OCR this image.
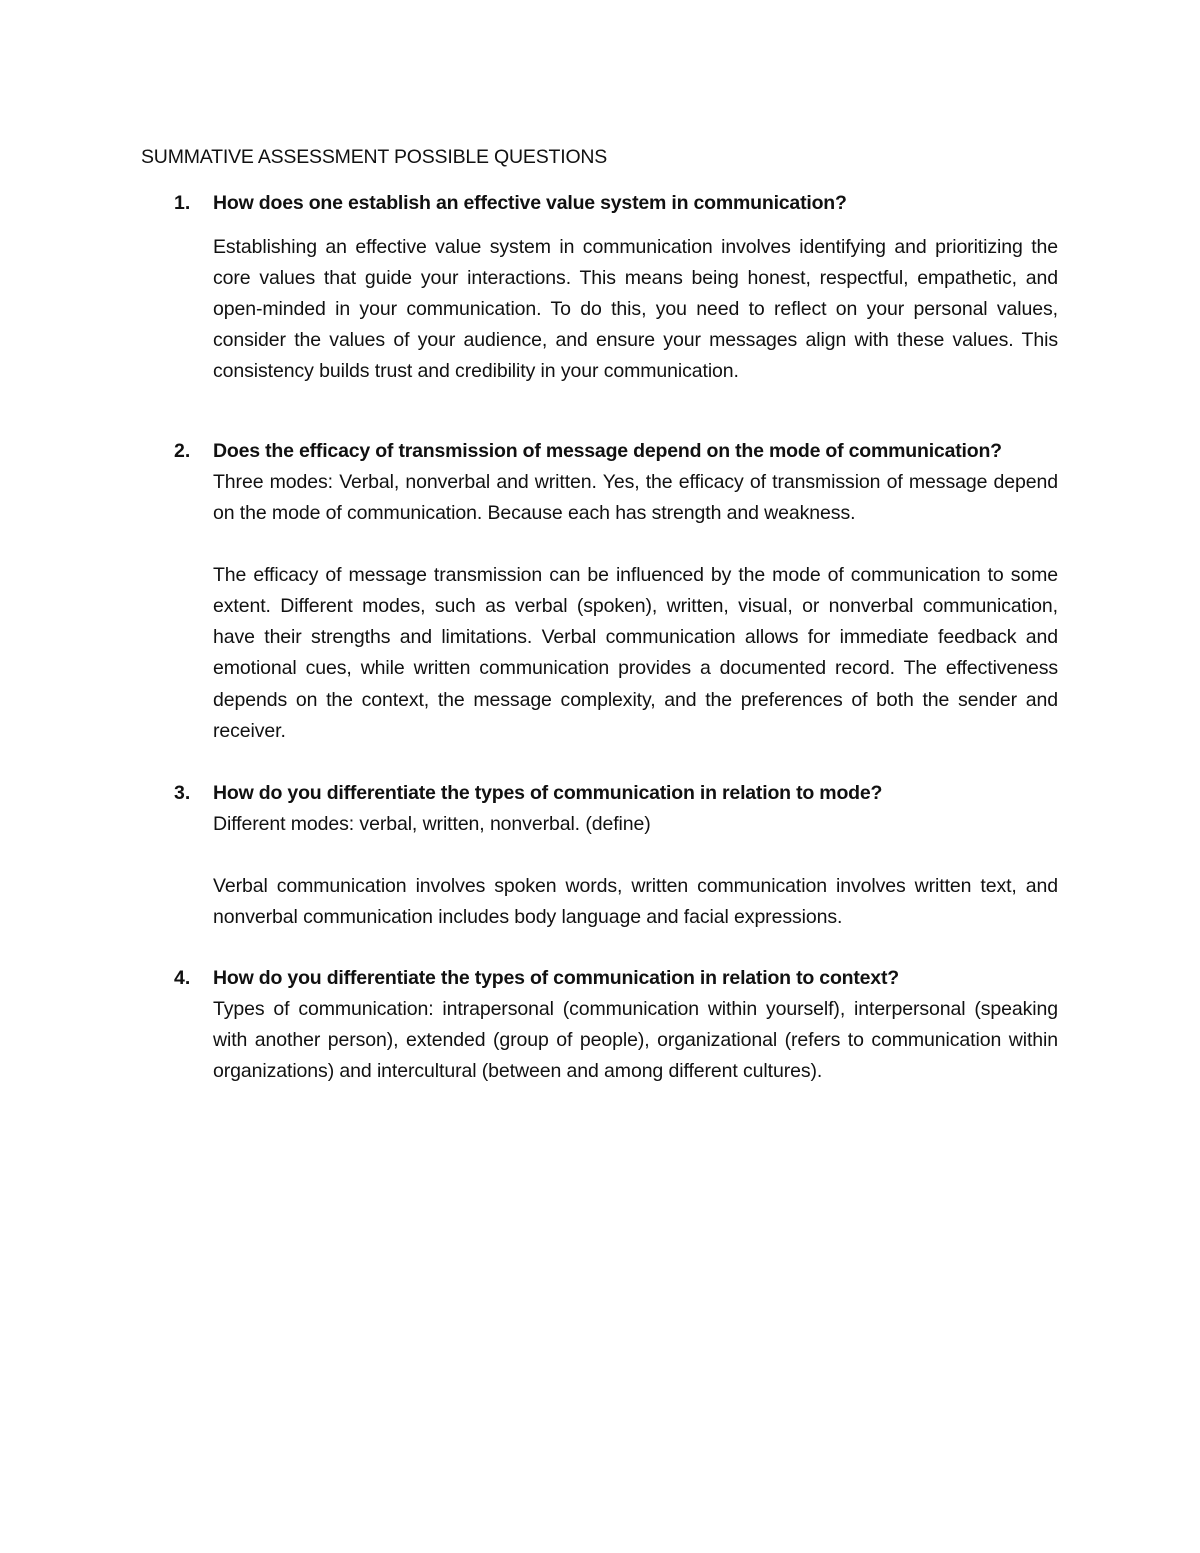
SUMMATIVE ASSESSMENT POSSIBLE QUESTIONS
1. How does one establish an effective value system in communication?

Establishing an effective value system in communication involves identifying and prioritizing the core values that guide your interactions. This means being honest, respectful, empathetic, and open-minded in your communication. To do this, you need to reflect on your personal values, consider the values of your audience, and ensure your messages align with these values. This consistency builds trust and credibility in your communication.

2. Does the efficacy of transmission of message depend on the mode of communication?

Three modes: Verbal, nonverbal and written. Yes, the efficacy of transmission of message depend on the mode of communication. Because each has strength and weakness.

The efficacy of message transmission can be influenced by the mode of communication to some extent. Different modes, such as verbal (spoken), written, visual, or nonverbal communication, have their strengths and limitations. Verbal communication allows for immediate feedback and emotional cues, while written communication provides a documented record. The effectiveness depends on the context, the message complexity, and the preferences of both the sender and receiver.

3. How do you differentiate the types of communication in relation to mode?

Different modes: verbal, written, nonverbal. (define)

Verbal communication involves spoken words, written communication involves written text, and nonverbal communication includes body language and facial expressions.

4. How do you differentiate the types of communication in relation to context?

Types of communication: intrapersonal (communication within yourself), interpersonal (speaking with another person), extended (group of people), organizational (refers to communication within organizations) and intercultural (between and among different cultures).
